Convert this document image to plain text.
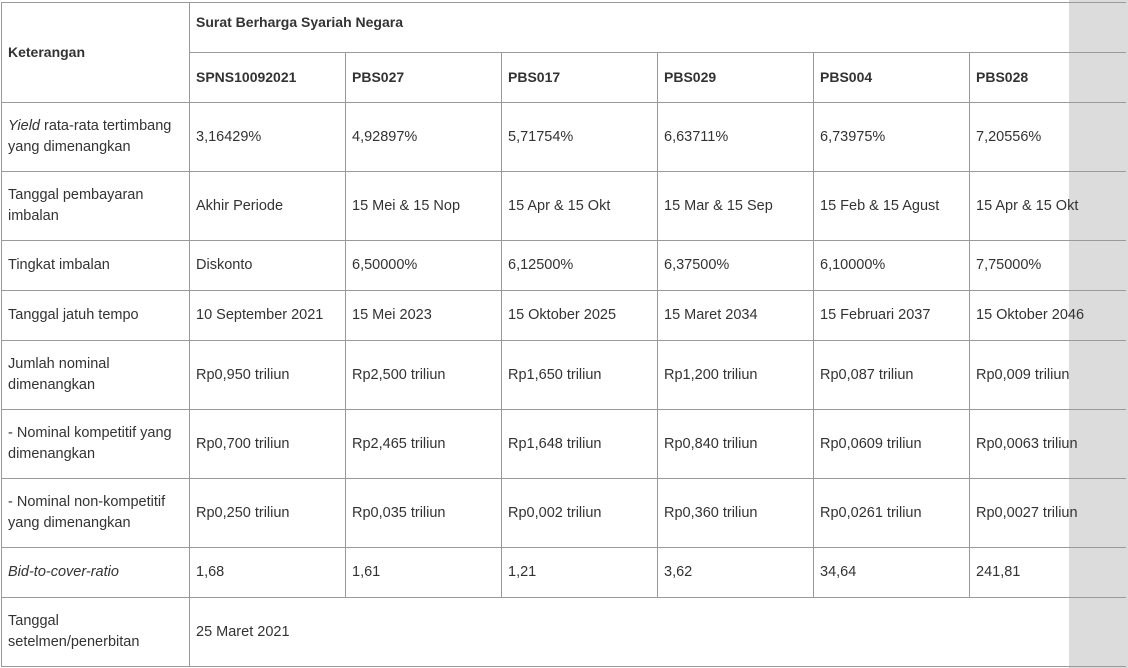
Keterangan	Surat Berharga Syariah Negara					
	SPNS10092021	PBS027	PBS017	PBS029	PBS004	PBS028
Yield rata-rata tertimbang yang dimenangkan	3,16429%	4,92897%	5,71754%	6,63711%	6,73975%	7,20556%
Tanggal pembayaran imbalan	Akhir Periode	15 Mei & 15 Nop	15 Apr & 15 Okt	15 Mar & 15 Sep	15 Feb & 15 Agust	15 Apr & 15 Okt
Tingkat imbalan	Diskonto	6,50000%	6,12500%	6,37500%	6,10000%	7,75000%
Tanggal jatuh tempo	10 September 2021	15 Mei 2023	15 Oktober 2025	15 Maret 2034	15 Februari 2037	15 Oktober 2046
Jumlah nominal dimenangkan	Rp0,950 triliun	Rp2,500 triliun	Rp1,650 triliun	Rp1,200 triliun	Rp0,087 triliun	Rp0,009 triliun
- Nominal kompetitif yang dimenangkan	Rp0,700 triliun	Rp2,465 triliun	Rp1,648 triliun	Rp0,840 triliun	Rp0,0609 triliun	Rp0,0063 triliun
- Nominal non-kompetitif yang dimenangkan	Rp0,250 triliun	Rp0,035 triliun	Rp0,002 triliun	Rp0,360 triliun	Rp0,0261 triliun	Rp0,0027 triliun
Bid-to-cover-ratio	1,68	1,61	1,21	3,62	34,64	241,81
Tanggal setelmen/penerbitan	25 Maret 2021					
